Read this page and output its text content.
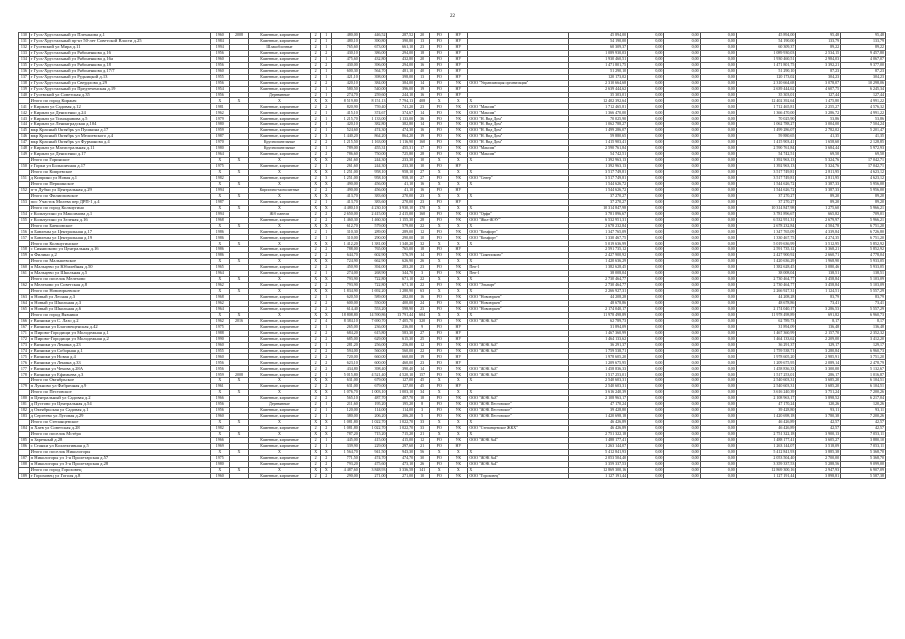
22
130	г Гусь-Хрустальный ул Плеханова д.1	1960	2008	Каменные, кирпичные	2	1	480,00	446,52	287,52	20	РО	НУ		45 894,00	0,00	0,00	0,00	45 894,00	95,48	95,48
131	г Гусь-Хрустальный пр-кт 50-лет Советской Власти д.25	1984		Каменные, кирпичные	2	1	480,10	390,80	390,80	13	РО	НУ		54 190,00	0,00	0,00	0,00	54 190,00	133,79	133,79
132	г Гусевский ул Мира д.11	1994		Шлакоблочные	2	1	765,60	673,00	661,10	23	РО	НУ		60 309,37	0,00	0,00	0,00	60 309,37	89,22	89,22
133	г Гусь-Хрустальный ул Рябоненкова д.16	1956		Каменные, кирпичные	2	2	430,10	386,00	294,00	18	РО	НУ		1 089 930,03	0,00	0,00	0,00	1 089 930,03	2 534,15	9 457,80
134	г Гусь-Хрустальный ул Рябоненкова д.16а	1960		Каменные, кирпичные	2	1	475,60	432,80	432,80	20	РО	НУ		1 930 460,51	0,00	0,00	0,00	1 930 460,51	2 984,03	4 067,07
135	г Гусь-Хрустальный ул Рябоненкова д.18	1956		Каменные, кирпичные	2	2	430,00	396,00	294,00	16	РО	НУ		1 471 801,75	0,00	0,00	0,00	1 471 801,75	3 392,21	9 377,00
136	г Гусь-Хрустальный ул Рябоненкова д.17/7	1960		Каменные, кирпичные	2	1	600,30	564,70	481,10	40	РО	НУ		51 290,10	0,00	0,00	0,00	51 290,10	87,23	87,23
137	г Гусь-Хрустальный ул Рудницкой д.13	1955		Каменные, кирпичные	2	1	421,10	398,00	398,00	13	РО	НУ		120 173,02	0,00	0,00	0,00	120 173,02	304,23	304,23
138	г Гусь-Хрустальный ул Свердлова д.29	1956		Каменные, кирпичные	2	2	420,10	384,00	384,00	14	РО	УК	ООО "Управляющая организация"	2 310 664,68	0,00	0,00	0,00	2 310 664,68	3 078,07	10 298,06
139	г Гусь-Хрустальный ул Предтеченская д.19	1954		Каменные, кирпичные	2	1	580,50	540,00	396,00	19	РО	НУ		2 639 444,62	0,00	0,00	0,00	2 639 444,62	4 607,75	6 245,34
140	г Гусевский ул Советская д.35	1956		Деревянные	2	1	274,70	259,60	244,10	16	РО	НУ		35 303,01	0,00	0,00	0,00	35 303,01	127,44	127,44
	Итого по город Киржач	X	X	X	X	X	8 519,80	8 151,13	7 794,13	408	X	X	X	12 402 392,64	0,00	0,00	0,00	12 402 392,64	1 475,80	4 991,22
141	г Киржач ул Садовая д.12	1981		Каменные, кирпичные	2	2	820,90	759,40	741,20	23	РО	УК	ООО "Максим"	1 712 465,81	0,00	0,00	0,00	1 712 465,81	2 255,27	4 576,32
142	г Киржач ул Денисенко д.24	1962		Каменные, кирпичные	2	1	415,10	374,67	374,67	14	РО	УК	ООО "Максим"	1 366 470,00	0,00	0,00	0,00	1 366 470,00	3 286,72	4 991,22
143	г Киржач ул Тихонравова д.5	1979		Каменные, кирпичные	2	1	1 215,70	1 133,00	1 133,00	36	РО	УК	ООО "Н. Вид Дом"	70 025,90	0,00	0,00	0,00	70 025,90	53,86	53,86
144	г Киржач ул Ленинградская д.104	1980		Каменные, кирпичные	2	1	420,10	382,80	382,80	14	РО	УК	ООО "Н. Вид Дом"	1 062 788,27	0,00	0,00	0,00	1 062 788,27	3 004,00	7 504,24
145	мкр Красный Октябрь ул Пушкина д.17	1959		Каменные, кирпичные	2	1	524,60	474,30	474,30	16	РО	УК	ООО "Н. Вид Дом"	1 499 286,07	0,00	0,00	0,00	1 499 286,07	2 782,02	5 201,47
146	мкр Красный Октябрь ул Мелиевского д.4	1987		Каменные, кирпичные	2	3	1 440,20	864,20	864,20	19	РО	УК	ООО "Н. Вид Дом"	59 880,65	0,00	0,00	0,00	59 880,65	41,35	41,35
147	мкр Красный Октябрь ул Фурманова д.4	1970		Крупнопанельные	2	2	1 215,50	1 163,00	1 116,90	160	РО	УК	ООО "Н. Вид Дом"	1 415 903,41	0,00	0,00	0,00	1 415 903,41	1 658,60	2 128,85
148	г Киржач ул Магистральная д.11	1980		Крупнопанельные	2	1	789,00	455,31	455,31	17	РО	УК	ООО "Максим"	2 590 761,84	0,00	0,00	0,00	2 590 761,84	3 684,44	5 972,93
149	г Киржач ул Денисенко д.17	1964		Каменные, кирпичные	2	2	786,60	750,00	725,80	28	РО	УК	ООО "Максим"	54 742,51	0,00	0,00	0,00	54 742,51	69,50	69,50
	Итого по Горинское	X	X	X	X	X	261,60	244,30	233,30	10	X	X	X	1 392 963,13	0,00	0,00	0,00	1 392 963,13	5 324,76	17 042,71
150	г Горки ул Большичная д.17	1975		Каменные, кирпичные	2	1	261,60	244,30	233,30	10	РО	НУ		1 392 963,13	0,00	0,00	0,00	1 392 963,13	5 324,76	17 042,71
	Итого по Кипревское	X	X	X	X	X	1 251,00	958,10	958,10	27	X	X	X	3 517 749,81	0,00	0,00	0,00	3 517 749,81	2 811,95	4 623,12
151	д Киприно ул Новая д.1	1982		Каменные, кирпичные	2	3	1 251,00	958,10	958,10	27	РО	УК	ООО "Север"	3 517 749,81	0,00	0,00	0,00	3 517 749,81	2 811,95	4 623,12
	Итого по Першинское	X	X	X	X	X	490,00	456,00	41,10	16	X	X	X	1 544 626,72	0,00	0,00	0,00	1 544 626,72	3 387,33	5 956,00
152	п-п Дубки ул Центральная д.29	1994		Кирпично-монолитные	2	2	490,00	456,00	41,10	16	РО	НУ		1 544 626,72	0,00	0,00	0,00	1 544 626,72	3 387,33	5 956,00
	Итого по Филипповское	X	X	X	X	X	413,70	383,60	270,00	23	X	X	X	37 270,27	0,00	0,00	0,00	37 270,27	89,20	89,20
153	пос Участок Молева пер ДРП-1 д.4	1987		Каменные, кирпичные	2	1	413,70	383,60	270,00	23	РО	НУ		37 270,27	0,00	0,00	0,00	37 270,27	89,20	89,20
	Итого по город Кольчугино	X	X	X	X	X	4 480,10	4 230,10	3 930,10	170	X	X	X	10 314 847,98	0,00	0,00	0,00	10 314 847,98	1 275,60	5 966,21
154	г Кольчугино ул Максимова д.1	1994		Ж/б панели	2	2	2 650,00	2 415,00	2 415,00	160	РО	УК	ООО "Орфи"	3 781 896,67	0,00	0,00	0,00	3 781 896,67	665,82	709,01
155	г Кольчугино ул Зеленая д.16	1968		Каменные, кирпичные	2	2	1 460,30	1 460,30	1 155,30	28	РО	УК	ООО "Жил-ЖЭУ"	6 532 951,31	0,00	0,00	0,00	6 532 951,31	2 679,97	5 966,21
	Итого по Баешовское	X	X	X	X	X	612,70	579,00	579,00	22	X	X	X	2 678 232,84	0,00	0,00	0,00	2 678 232,84	4 504,78	6 751,20
156	п Бавлены ул Центральная д.17	1986		Каменные, кирпичные	2	1	310,30	289,00	289,00	12	РО	УК	ООО "Комфорт"	1 347 765,09	0,00	0,00	0,00	1 347 765,09	4 339,84	6 726,80
157	п Бавлены ул Центральная д.19	1986		Каменные, кирпичные	2	1	310,00	290,00	290,00	10	РО	УК	ООО "Комфорт"	1 330 467,75	0,00	0,00	0,00	1 330 467,75	4 274,35	6 751,20
	Итого по Кольчугинское	X	X	X	X	X	1 412,20	1 381,00	1 340,20	32	X	X	X	5 019 636,99	0,00	0,00	0,00	5 019 636,99	3 512,95	5 852,92
158	с Сиянпоково ул Центральная д.16	1986		Каменные, кирпичные	2	2	788,00	765,00	765,00	18	РО	НУ		2 591 735,12	0,00	0,00	0,00	2 591 735,12	3 368,21	5 852,92
159	п Филино д.2	1986		Каменные, кирпичные	2	2	644,70	602,90	576,59	14	РО	УК	ООО "Сиянпоково"	2 427 900,92	0,00	0,00	0,00	2 427 900,92	2 660,71	4 778,04
	Итого по Мальшевское	X	X	X	X	X	724,90	662,90	626,90	26	X	X	X	1 420 636,29	0,00	0,00	0,00	1 420 636,29	1 968,90	5 933,05
160	п Мальцево ул Юбилейная д.50	1965		Каменные, кирпичные	2	2	450,90	394,00	283,20	23	РО	УК	Пеп-1	1 382 628,45	0,00	0,00	0,00	1 382 628,45	3 080,46	5 933,05
161	п Мальцево ул Школьная д.5	1964		Каменные, кирпичные	2	1	274,00	268,90	344,70	3	РО	УК	Пеп-1	38 008,04	0,00	0,00	0,00	38 008,04	138,51	138,51
	Итого по поселок Мелехово	X	X	X	X	X	793,90	722,80	671,10	22	X	X	X	2 730 464,77	0,00	0,00	0,00	2 730 464,77	3 458,84	5 103,09
162	п Мелехово ул Советская д.8	1962		Каменные, кирпичные	2	2	793,90	722,80	671,10	22	РО	УК	ООО "Эльварт"	2 730 464,77	0,00	0,00	0,00	2 730 464,77	3 458,84	5 103,09
	Итого по Новоюрьевское	X	X	X	X	X	1 834,90	1 692,20	1 280,90	63	X	X	X	2 266 927,31	0,00	0,00	0,00	2 266 927,31	1 124,51	5 557,29
163	п Новый ул Лесная д.3	1968		Каменные, кирпичные	2	1	620,50	589,00	282,00	16	РО	УК	ООО "Новоюрьев"	44 208,28	0,00	0,00	0,00	44 208,28	83,79	83,79
164	п Новый ул Школьная д.3	1962		Каменные, кирпичные	2	2	600,00	550,00	400,00	24	РО	УК	ООО "Новоюрьев"	48 678,86	0,00	0,00	0,00	48 678,86	73,41	73,41
165	п Новый ул Школьная д.6	1964		Каменные, кирпичные	2	2	614,40	553,20	598,90	23	РО	УК	ООО "Новоюрьев"	2 174 040,17	0,00	0,00	0,00	2 174 040,17	3 286,53	5 557,29
	Итого по город Вязники	X	X	X	X	X	18 808,80	14 590,86	13 791,44	604	X	X	X	11 978 498,89	0,00	0,00	0,00	11 978 498,89	691,82	6 960,73
166	г Вязники ул С. Лазо д.2	1962	2016	Каменные, кирпичные	2	4	8 384,10	7 690,70	7 405,70	320	РО	УК	ООО "ЖЭК №3"	62 789,73	0,00	0,00	0,00	62 789,73	8,17	8,17
167	г Вязники ул Благовещенская д.42	1975		Каменные, кирпичные	2	1	265,00	236,00	236,00	9	РО	НУ		31 894,09	0,00	0,00	0,00	31 894,09	136,48	136,48
171	п Пирово-Городищи ул Молодежная д.1	1988		Каменные, кирпичные	2	2	684,20	615,80	583,30	27	РО	НУ		1 467 360,99	0,00	0,00	0,00	1 467 360,99	2 157,70	2 352,32
172	п Пирово-Городищи ул Молодежная д.2	1990		Каменные, кирпичные	2	2	685,00	629,00	615,30	25	РО	НУ		1 464 133,62	0,00	0,00	0,00	1 464 133,62	2 209,00	3 412,20
173	г Вязники ул Ленина д.23	1960		Каменные, кирпичные	2	1	281,20	256,00	256,00	12	РО	УК	ООО "ЖЭК №3"	36 291,37	0,00	0,00	0,00	36 291,37	129,17	129,17
174	г Вязники ул Соборная д.1	1955		Каменные, кирпичные	2	2	594,00	560,00	560,00	22	РО	УК	ООО "ЖЭК №3"	1 759 538,71	0,00	0,00	0,00	1 759 538,71	3 280,84	6 960,73
175	г Вязники ул Новая д.4	1960		Каменные, кирпичные	2	2	720,00	660,00	660,00	19	РО	НУ		1 978 605,20	0,00	0,00	0,00	1 978 605,20	2 985,91	3 751,20
176	г Вязники ул Ленина д.33	1956		Каменные, кирпичные	2	2	623,10	600,00	460,00	23	РО	НУ		1 209 675,95	0,00	0,00	0,00	1 209 675,95	2 089,14	2 478,79
177	г Вязники ул Чехова д.28А	1956		Каменные, кирпичные	2	2	434,80	398,40	390,40	14	РО	УК	ООО "ЖЭК №3"	1 458 836,33	0,00	0,00	0,00	1 458 836,33	3 300,00	5 132,67
178	г Вязники ул Ефимьева д.3	1959	2008	Каменные, кирпичные	2	1	5 015,80	4 521,40	4 520,10	157	РО	УК	ООО "ЖЭК №3"	1 517 253,01	0,00	0,00	0,00	1 517 253,01	286,17	1 016,87
	Итого по Октябрьское	X	X	X	X	X	631,00	679,00	127,00	45	X	X	X	2 540 603,31	0,00	0,00	0,00	2 540 603,31	3 685,20	6 104,51
179	п Лукново ул Фабричная д.9	1961		Каменные, кирпичные	2	2	631,00	679,00	127,00	45	РО	НУ		2 540 603,31	0,00	0,00	0,00	2 540 603,31	3 685,20	6 104,51
	Итого по Пестовское	X	X	X	X	X	1 076,70	1 003,10	1 003,10	34	X	X	X	3 616 240,39	0,00	0,00	0,00	3 616 240,39	3 751,24	7 200,26
180	п Центральный ул Садовая д.2	1966		Каменные, кирпичные	2	2	565,10	487,70	487,70	18	РО	УК	ООО "ЖЭК №3"	2 108 963,17	0,00	0,00	0,00	2 108 963,17	3 898,52	6 217,04
181	д Пустово ул Центральная д.54	1956		Деревянные	2	1	211,60	195,20	195,20	8	РО	УК	ООО "ЖЭК Пестовское"	47 170,24	0,00	0,00	0,00	47 170,24	120,26	120,26
182	д Октябрьская ул Садовая д.1	1956		Каменные, кирпичные	2	1	120,00	114,00	114,00	3	РО	УК	ООО "ЖЭК Пестовское"	39 428,80	0,00	0,00	0,00	39 428,80	93,11	93,11
183	д Сергеево ул Луговая д.29	1960		Каменные, кирпичные	2	1	380,00	206,20	206,20	5	РО	УК	ООО "ЖЭК Пестовское"	1 420 698,18	0,00	0,00	0,00	1 420 698,18	3 780,38	7 200,26
	Итого по Степанцевское	X	X	X	X	X	1 081,80	1 022,70	1 022,70	33	X	X	X	46 426,89	0,00	0,00	0,00	46 426,89	42,57	42,57
184	п Хаев ул Советская д.28	1982		Каменные, кирпичные	2	2	1 081,80	1 022,70	1 022,70	33	РО	УК	ООО "Степанцевское ЖКХ"	46 426,89	0,00	0,00	0,00	46 426,89	42,57	42,57
	Итого по поселок Мстёра	X	X	X	X	X	787,20	715,20	715,20	21	X	X	X	2 751 322,18	0,00	0,00	0,00	2 751 322,18	3 900,13	7 053,11
185	п Заречный д.28	1966		Каменные, кирпичные	2	1	445,00	415,00	415,00	12	РО	УК	ООО "ЖЭК №4"	1 488 177,41	0,00	0,00	0,00	1 488 177,41	3 605,27	3 880,10
186	с Станки ул Коллективная д.5	1969		Каменные, кирпичные	2	1	339,90	229,00	297,60	21	РО	НУ		1 263 144,07	0,00	0,00	0,00	1 263 144,07	3 518,09	7 053,11
	Итого по поселок Никологоры	X	X	X	X	X	1 564,70	941,50	943,30	56	X	X	X	5 412 841,93	0,00	0,00	0,00	5 412 841,93	3 885,38	5 368,70
187	п Никологоры ул 1-я Пролетарская д.57	1975		Каменные, кирпичные	2	2	771,50	474,70	474,70	30	РО	УК	ООО "ЖЭК №4"	2 053 504,40	0,00	0,00	0,00	2 053 504,40	2 700,00	5 368,70
188	п Никологоры ул 3-я Пролетарская д.28	1980		Каменные, кирпичные	2	2	793,20	475,60	473,10	26	РО	УК	ООО "ЖЭК №4"	3 359 337,53	0,00	0,00	0,00	3 359 337,53	5 288,56	9 099,00
	Итого по город Гороховец	X	X	X	X	X	4 487,60	3 848,93	3 336,58	141	X	X	X	12 869 300,16	0,00	0,00	0,00	12 869 300,16	2 947,93	6 907,09
189	г Гороховец ул Гоголя д.8	1960		Каменные, кирпичные	2	2	290,00	271,00	271,00	10	РО	УК	ООО "Гороховец"	1 127 191,44	0,00	0,00	0,00	1 127 191,44	3 898,81	5 587,38
